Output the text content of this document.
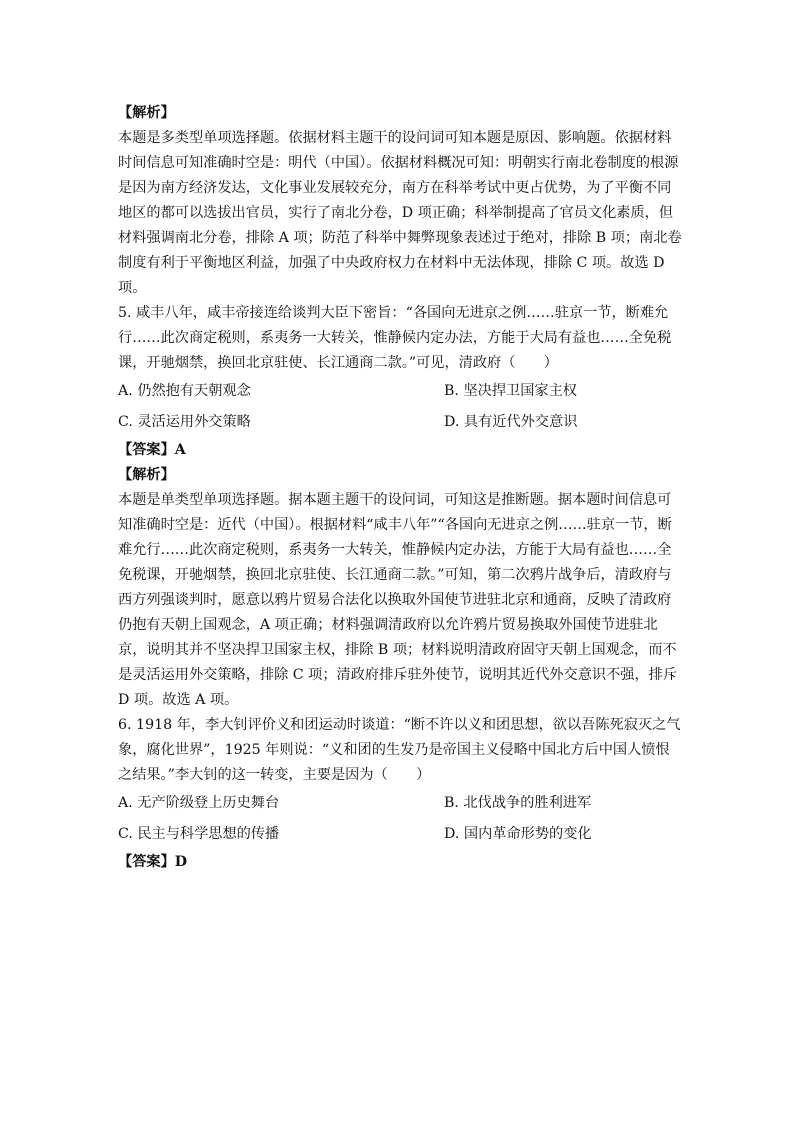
【解析】

本题是多类型单项选择题。依据材料主题干的设问词可知本题是原因、影响题。依据材料

时间信息可知准确时空是：明代（中国）。依据材料概况可知：明朝实行南北卷制度的根源

是因为南方经济发达，文化事业发展较充分，南方在科举考试中更占优势，为了平衡不同

地区的都可以选拔出官员，实行了南北分卷，D 项正确；科举制提高了官员文化素质，但

材料强调南北分卷，排除 A 项；防范了科举中舞弊现象表述过于绝对，排除 B 项；南北卷

制度有利于平衡地区利益，加强了中央政府权力在材料中无法体现，排除 C 项。故选 D

项。

5. 咸丰八年，咸丰帝接连给谈判大臣下密旨：“各国向无进京之例……驻京一节，断难允

行……此次商定税则，系夷务一大转关，惟静候内定办法，方能于大局有益也……全免税

课，开驰烟禁，换回北京驻使、长江通商二款。”可见，清政府（　　）

A. 仍然抱有天朝观念	B. 坚决捍卫国家主权
C. 灵活运用外交策略	D. 具有近代外交意识

【答案】A

【解析】

本题是单类型单项选择题。据本题主题干的设问词，可知这是推断题。据本题时间信息可

知准确时空是：近代（中国）。根据材料“咸丰八年”“各国向无进京之例……驻京一节，断

难允行……此次商定税则，系夷务一大转关，惟静候内定办法，方能于大局有益也……全

免税课，开驰烟禁，换回北京驻使、长江通商二款。”可知，第二次鸦片战争后，清政府与

西方列强谈判时，愿意以鸦片贸易合法化以换取外国使节进驻北京和通商，反映了清政府

仍抱有天朝上国观念，A 项正确；材料强调清政府以允许鸦片贸易换取外国使节进驻北

京，说明其并不坚决捍卫国家主权，排除 B 项；材料说明清政府固守天朝上国观念，而不

是灵活运用外交策略，排除 C 项；清政府排斥驻外使节，说明其近代外交意识不强，排斥

D 项。故选 A 项。

6. 1918 年，李大钊评价义和团运动时谈道：“断不许以义和团思想，欲以吾陈死寂灭之气

象，腐化世界”，1925 年则说：“义和团的生发乃是帝国主义侵略中国北方后中国人愤恨

之结果。”李大钊的这一转变，主要是因为（　　）

A. 无产阶级登上历史舞台	B. 北伐战争的胜利进军
C. 民主与科学思想的传播	D. 国内革命形势的变化

【答案】D
